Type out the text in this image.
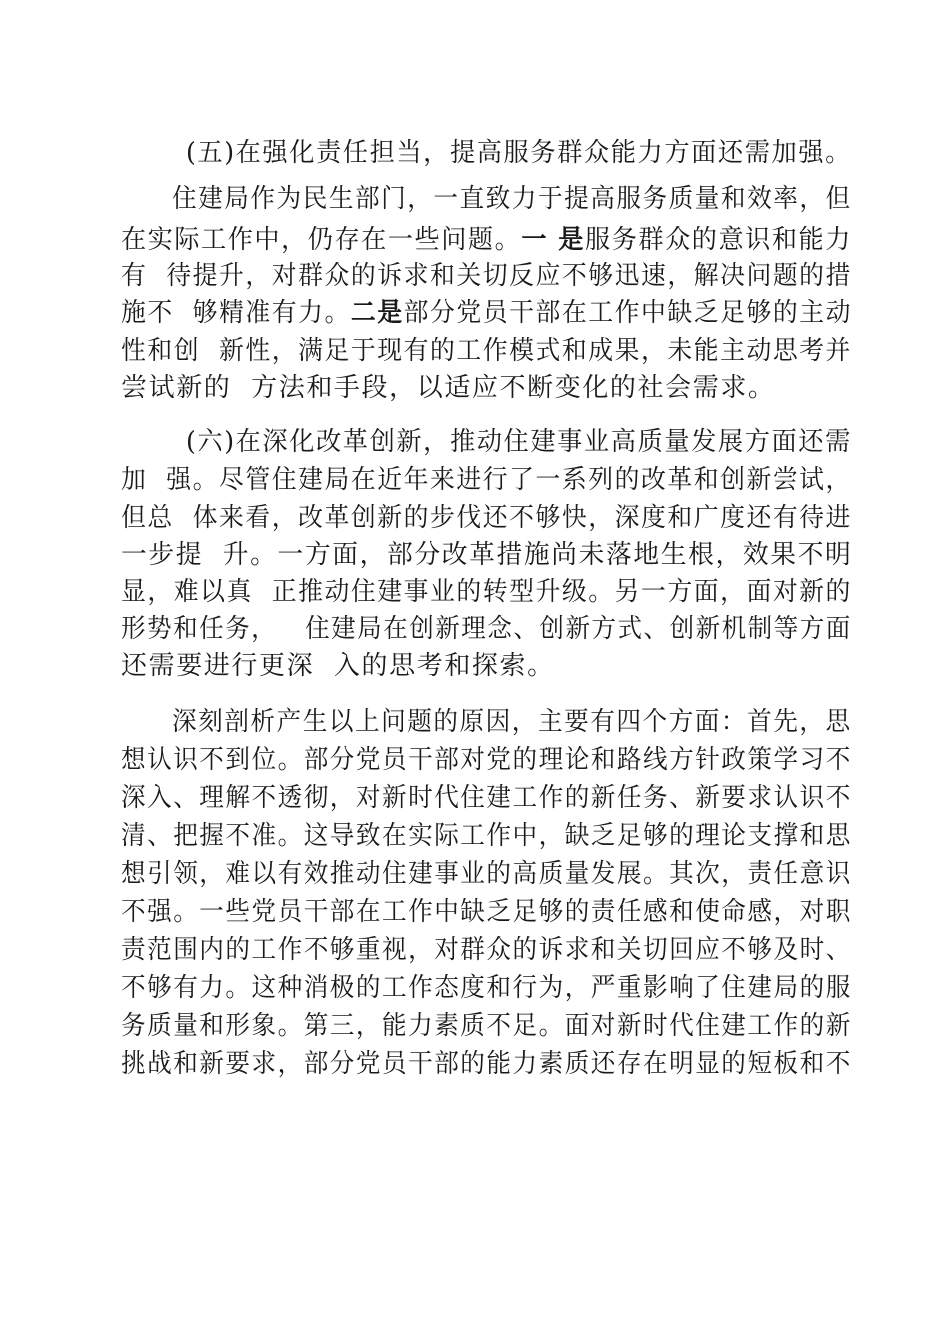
(五)在强化责任担当，提高服务群众能力方面还需加强。
住建局作为民生部门，一直致力于提高服务质量和效率，但
在实际工作中，仍存在一些问题。一 是服务群众的意识和能力
有  待提升，对群众的诉求和关切反应不够迅速，解决问题的措
施不  够精准有力。二是部分党员干部在工作中缺乏足够的主动
性和创  新性，满足于现有的工作模式和成果，未能主动思考并
尝试新的  方法和手段，以适应不断变化的社会需求。
(六)在深化改革创新，推动住建事业高质量发展方面还需
加  强。尽管住建局在近年来进行了一系列的改革和创新尝试，
但总  体来看，改革创新的步伐还不够快，深度和广度还有待进
一步提  升。一方面，部分改革措施尚未落地生根，效果不明
显，难以真  正推动住建事业的转型升级。另一方面，面对新的
形势和任务，   住建局在创新理念、创新方式、创新机制等方面
还需要进行更深  入的思考和探索。
深刻剖析产生以上问题的原因，主要有四个方面：首先，思
想认识不到位。部分党员干部对党的理论和路线方针政策学习不
深入、理解不透彻，对新时代住建工作的新任务、新要求认识不
清、把握不准。这导致在实际工作中，缺乏足够的理论支撑和思
想引领，难以有效推动住建事业的高质量发展。其次，责任意识
不强。一些党员干部在工作中缺乏足够的责任感和使命感，对职
责范围内的工作不够重视，对群众的诉求和关切回应不够及时、
不够有力。这种消极的工作态度和行为，严重影响了住建局的服
务质量和形象。第三，能力素质不足。面对新时代住建工作的新
挑战和新要求，部分党员干部的能力素质还存在明显的短板和不
